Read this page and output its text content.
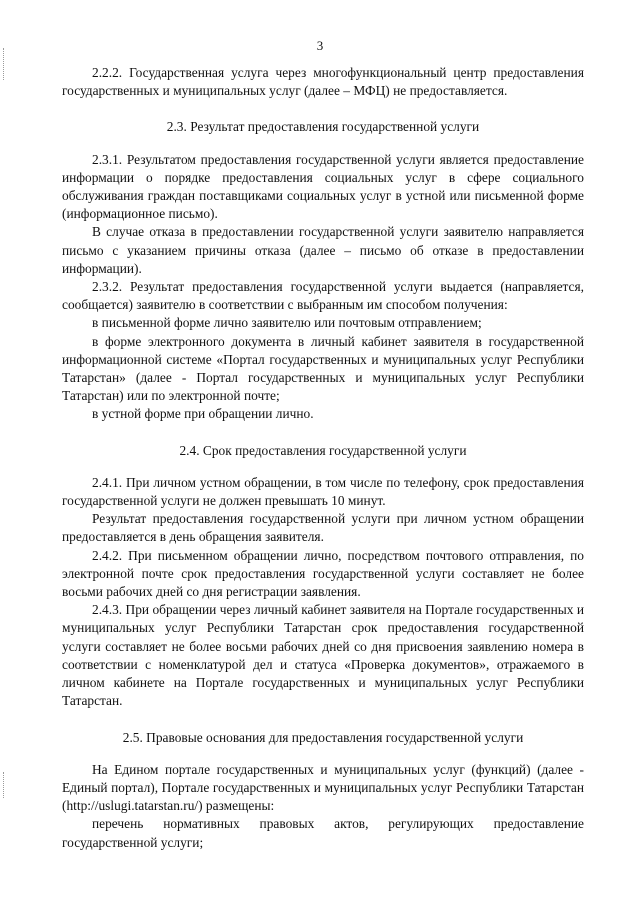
3

2.2.2. Государственная услуга через многофункциональный центр предоставления государственных и муниципальных услуг (далее – МФЦ) не предоставляется.

2.3. Результат предоставления государственной услуги

2.3.1. Результатом предоставления государственной услуги является предоставление информации о порядке предоставления социальных услуг в сфере социального обслуживания граждан поставщиками социальных услуг в устной или письменной форме (информационное письмо).

В случае отказа в предоставлении государственной услуги заявителю направляется письмо с указанием причины отказа (далее – письмо об отказе в предоставлении информации).

2.3.2. Результат предоставления государственной услуги выдается (направляется, сообщается) заявителю в соответствии с выбранным им способом получения:

в письменной форме лично заявителю или почтовым отправлением;

в форме электронного документа в личный кабинет заявителя в государственной информационной системе «Портал государственных и муниципальных услуг Республики Татарстан» (далее - Портал государственных и муниципальных услуг Республики Татарстан) или по электронной почте;

в устной форме при обращении лично.

2.4. Срок предоставления государственной услуги

2.4.1. При личном устном обращении, в том числе по телефону, срок предоставления государственной услуги не должен превышать 10 минут.

Результат предоставления государственной услуги при личном устном обращении предоставляется в день обращения заявителя.

2.4.2. При письменном обращении лично, посредством почтового отправления, по электронной почте срок предоставления государственной услуги составляет не более восьми рабочих дней со дня регистрации заявления.

2.4.3. При обращении через личный кабинет заявителя на Портале государственных и муниципальных услуг Республики Татарстан срок предоставления государственной услуги составляет не более восьми рабочих дней со дня присвоения заявлению номера в соответствии с номенклатурой дел и статуса «Проверка документов», отражаемого в личном кабинете на Портале государственных и муниципальных услуг Республики Татарстан.

2.5. Правовые основания для предоставления государственной услуги

На Едином портале государственных и муниципальных услуг (функций) (далее - Единый портал), Портале государственных и муниципальных услуг Республики Татарстан (http://uslugi.tatarstan.ru/) размещены:

перечень нормативных правовых актов, регулирующих предоставление государственной услуги;
